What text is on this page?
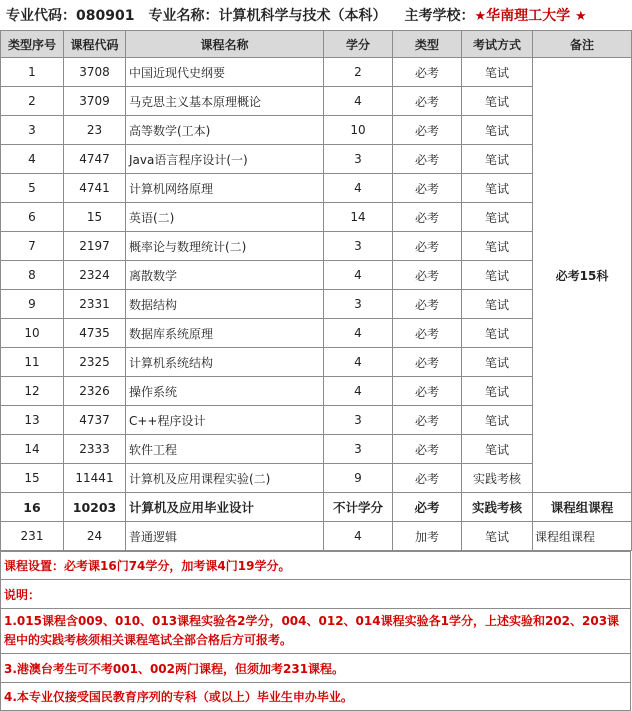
专业代码：080901 专业名称：计算机科学与技术（本科） 主考学校：★华南理工大学 ★
类型序号	课程代码	课程名称	学分	类型	考试方式	备注
1	3708	中国近现代史纲要	2	必考	笔试	必考15科
2	3709	马克思主义基本原理概论	4	必考	笔试	
3	23	高等数学(工本)	10	必考	笔试	
4	4747	Java语言程序设计(一)	3	必考	笔试	
5	4741	计算机网络原理	4	必考	笔试	
6	15	英语(二)	14	必考	笔试	
7	2197	概率论与数理统计(二)	3	必考	笔试	
8	2324	离散数学	4	必考	笔试	
9	2331	数据结构	3	必考	笔试	
10	4735	数据库系统原理	4	必考	笔试	
11	2325	计算机系统结构	4	必考	笔试	
12	2326	操作系统	4	必考	笔试	
13	4737	C++程序设计	3	必考	笔试	
14	2333	软件工程	3	必考	笔试	
15	11441	计算机及应用课程实验(二)	9	必考	实践考核	
16	10203	计算机及应用毕业设计	不计学分	必考	实践考核	课程组课程
231	24	普通逻辑	4	加考	笔试	课程组课程
课程设置：必考课16门74学分，加考课4门19学分。
说明：
1.015课程含009、010、013课程实验各2学分，004、012、014课程实验各1学分，上述实验和202、203课程中的实践考核须相关课程笔试全部合格后方可报考。
3.港澳台考生可不考001、002两门课程，但须加考231课程。
4.本专业仅接受国民教育序列的专科（或以上）毕业生申办毕业。
